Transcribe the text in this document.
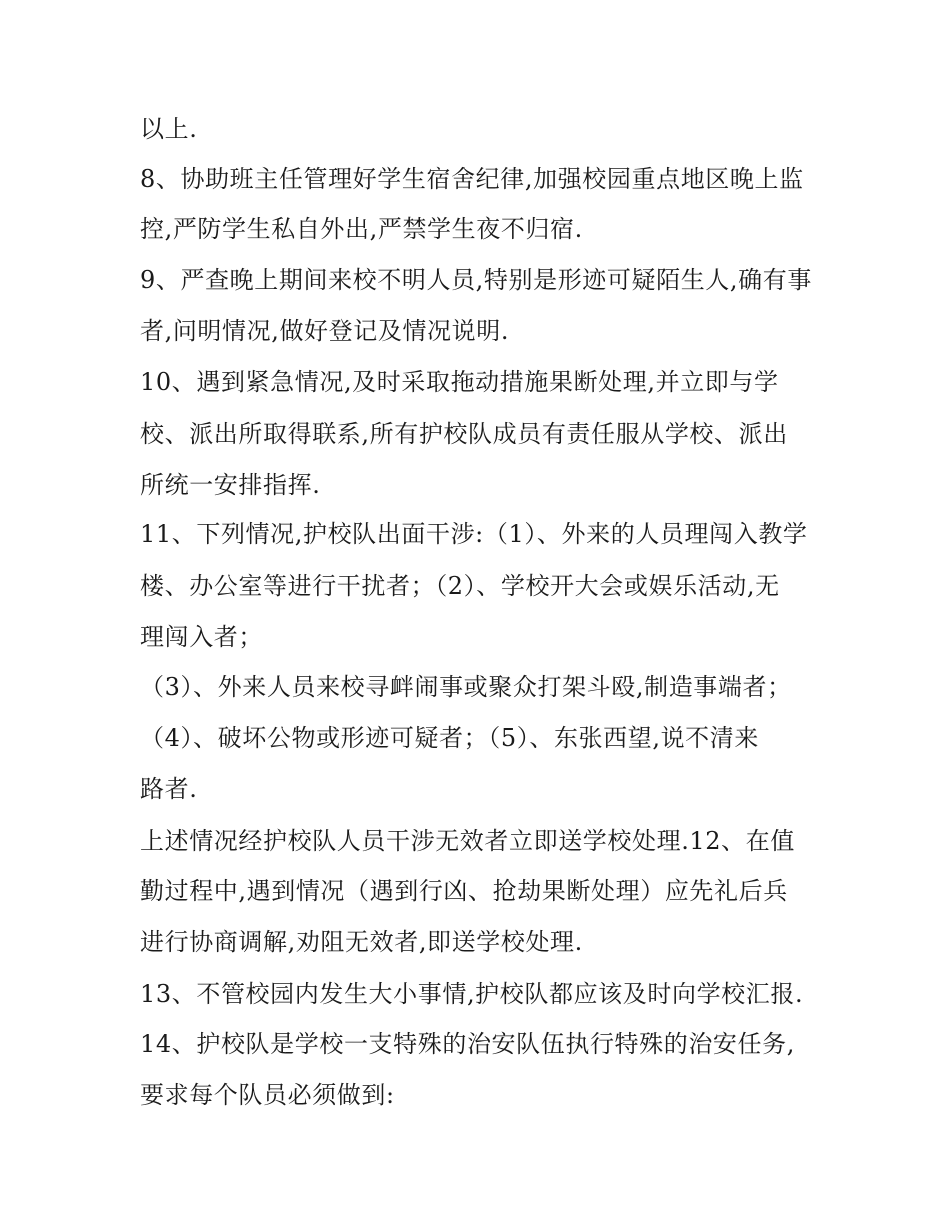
以上.
8、协助班主任管理好学生宿舍纪律,加强校园重点地区晚上监
控,严防学生私自外出,严禁学生夜不归宿.
9、严查晚上期间来校不明人员,特别是形迹可疑陌生人,确有事
者,问明情况,做好登记及情况说明.
10、遇到紧急情况,及时采取拖动措施果断处理,并立即与学
校、派出所取得联系,所有护校队成员有责任服从学校、派出
所统一安排指挥.
11、下列情况,护校队出面干涉:（1）、外来的人员理闯入教学
楼、办公室等进行干扰者；（2）、学校开大会或娱乐活动,无
理闯入者；
（3）、外来人员来校寻衅闹事或聚众打架斗殴,制造事端者；
（4）、破坏公物或形迹可疑者；（5）、东张西望,说不清来
路者.
上述情况经护校队人员干涉无效者立即送学校处理.12、在值
勤过程中,遇到情况（遇到行凶、抢劫果断处理）应先礼后兵
进行协商调解,劝阻无效者,即送学校处理.
13、不管校园内发生大小事情,护校队都应该及时向学校汇报.
14、护校队是学校一支特殊的治安队伍执行特殊的治安任务,
要求每个队员必须做到:
